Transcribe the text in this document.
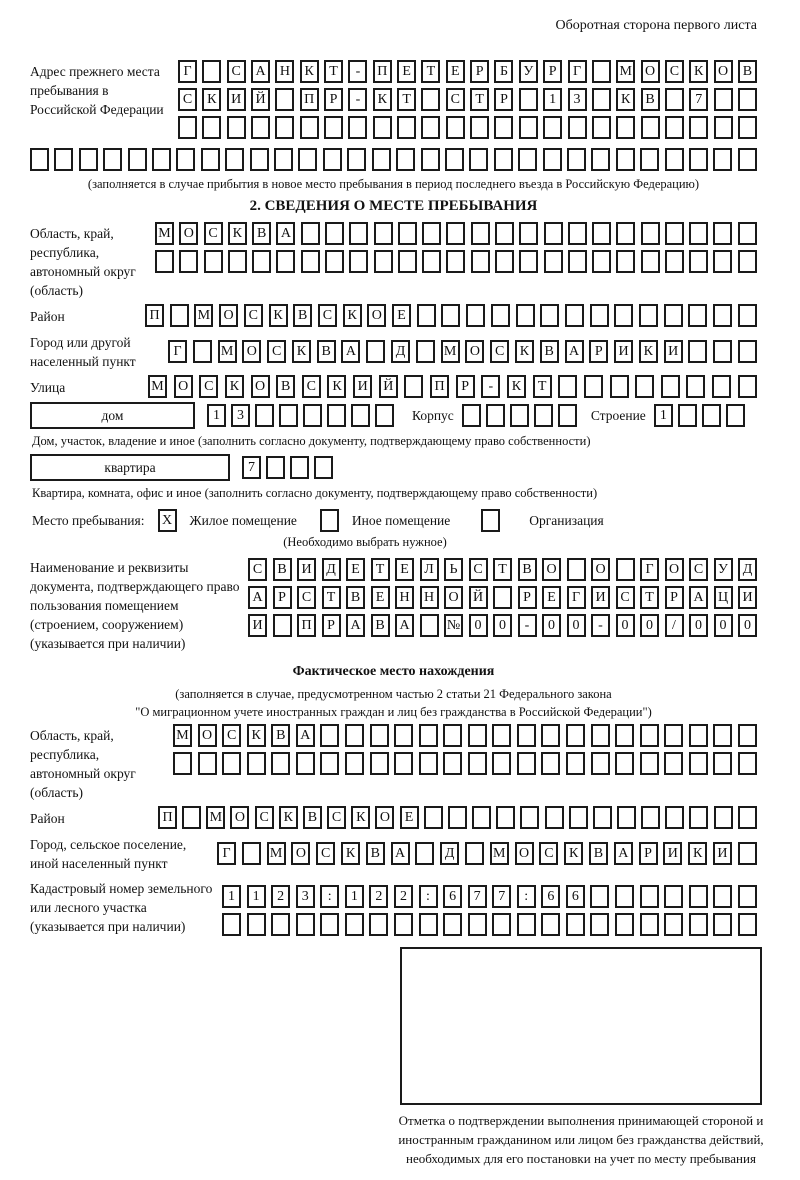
Оборотная сторона первого листа
Адрес прежнего места пребывания в Российской Федерации
Г	С	А	Н	К	Т	-	П	Е	Т	Е	Р	Б	У	Р	Г	М О	С	К	О	В
С	К	И	Й	П	Р	-	К	Т	С	Т	Р	1	3	К	В	7
(заполняется в случае прибытия в новое место пребывания в период последнего въезда в Российскую Федерацию)
2. СВЕДЕНИЯ О МЕСТЕ ПРЕБЫВАНИЯ
Область, край, республика, автономный округ (область)
М О	С	К	В	А
Район	П	М О	С	К	В	С	К	О	Е
Город или другой населенный пункт
Г	М О	С	К	В	А	Д	М О	С	К	В	А	Р	И	К	И
Улица	М	О	С	К	О	В	С	К	И	Й	П	Р	-	К	Т
дом	1	3	Корпус	Строение	1
Дом, участок, владение и иное (заполнить согласно документу, подтверждающему право собственности)
квартира	7
Квартира, комната, офис и иное (заполнить согласно документу, подтверждающему право собственности)
Место пребывания:	X	Жилое помещение	Иное помещение	Организация
(Необходимо выбрать нужное)
Наименование и реквизиты документа, подтверждающего право пользования помещением (строением, сооружением) (указывается при наличии)
С	В	И	Д	Е	Т	Е	Л	Ь	С	Т	В	О	О	Г	О	С	У	Д
А	Р	С	Т	В	Е	Н	Н	О	Й	Р	Е	Г	И	С	Т	Р	А	Ц	И
И	П	Р	А	В	А	№	0	0	-	0	0	-	0	0	/	0	0	0
Фактическое место нахождения
(заполняется в случае, предусмотренном частью 2 статьи 21 Федерального закона
"О миграционном учете иностранных граждан и лиц без гражданства в Российской Федерации")
Область, край, республика, автономный округ (область)
М О	С	К	В	А
Район	П	М О	С	К	В	С	К	О	Е
Город, сельское поселение, иной населенный пункт
Г	М О	С	К	В	А	Д	М О	С	К	В	А	Р	И	К	И
Кадастровый номер земельного или лесного участка (указывается при наличии)
1	1	2	3	:	1	2	2	:	6	7	7	:	6	6
Отметка о подтверждении выполнения принимающей стороной и иностранным гражданином или лицом без гражданства действий, необходимых для его постановки на учет по месту пребывания
